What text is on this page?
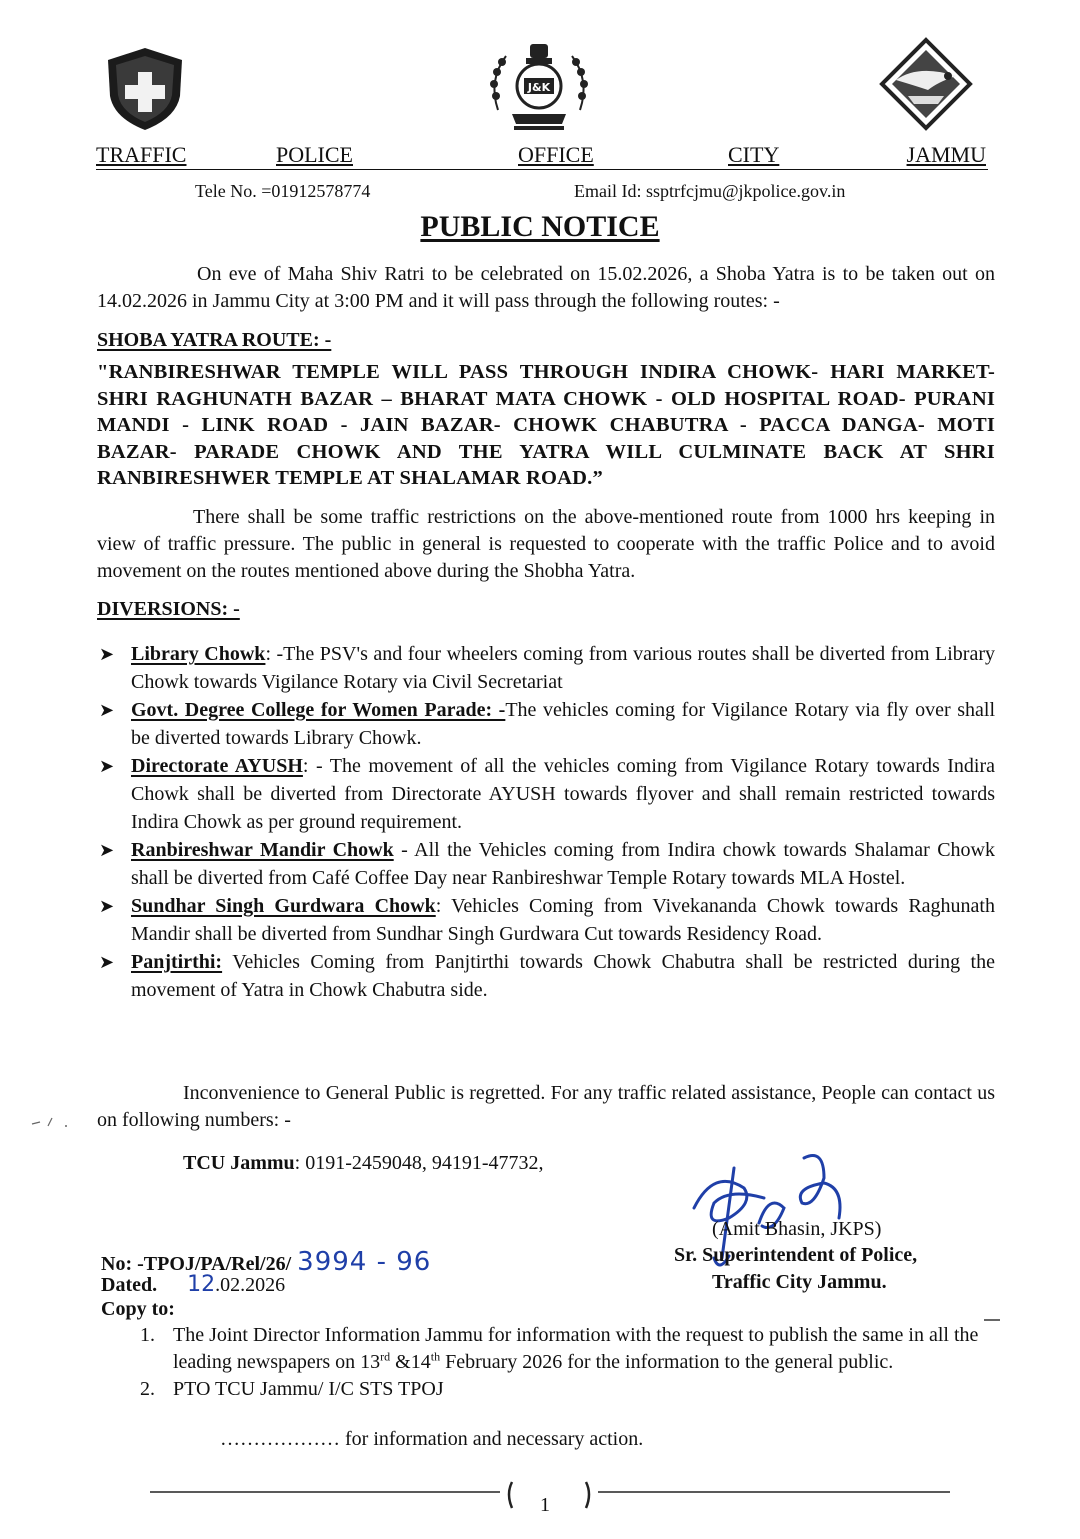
J&K
TRAFFIC	POLICE	OFFICE	CITY	JAMMU
Tele No. =01912578774	Email Id: ssptrfcjmu@jkpolice.gov.in
PUBLIC NOTICE

On eve of Maha Shiv Ratri to be celebrated on 15.02.2026, a Shoba Yatra is to be taken out on 14.02.2026 in Jammu City at 3:00 PM and it will pass through the following routes: -

SHOBA YATRA ROUTE: -

"RANBIRESHWAR TEMPLE WILL PASS THROUGH INDIRA CHOWK- HARI MARKET- SHRI RAGHUNATH BAZAR – BHARAT MATA CHOWK - OLD HOSPITAL ROAD- PURANI MANDI - LINK ROAD - JAIN BAZAR- CHOWK CHABUTRA - PACCA DANGA- MOTI BAZAR- PARADE CHOWK AND THE YATRA WILL CULMINATE BACK AT SHRI RANBIRESHWER TEMPLE AT SHALAMAR ROAD.”

There shall be some traffic restrictions on the above-mentioned route from 1000 hrs keeping in view of traffic pressure. The public in general is requested to cooperate with the traffic Police and to avoid movement on the routes mentioned above during the Shobha Yatra.

DIVERSIONS: -
➤ Library Chowk: -The PSV's and four wheelers coming from various routes shall be diverted from Library Chowk towards Vigilance Rotary via Civil Secretariat
➤ Govt. Degree College for Women Parade: -The vehicles coming for Vigilance Rotary via fly over shall be diverted towards Library Chowk.
➤ Directorate AYUSH: - The movement of all the vehicles coming from Vigilance Rotary towards Indira Chowk shall be diverted from Directorate AYUSH towards flyover and shall remain restricted towards Indira Chowk as per ground requirement.
➤ Ranbireshwar Mandir Chowk - All the Vehicles coming from Indira chowk towards Shalamar Chowk shall be diverted from Café Coffee Day near Ranbireshwar Temple Rotary towards MLA Hostel.
➤ Sundhar Singh Gurdwara Chowk: Vehicles Coming from Vivekananda Chowk towards Raghunath Mandir shall be diverted from Sundhar Singh Gurdwara Cut towards Residency Road.
➤ Panjtirthi: Vehicles Coming from Panjtirthi towards Chowk Chabutra shall be restricted during the movement of Yatra in Chowk Chabutra side.

Inconvenience to General Public is regretted. For any traffic related assistance, People can contact us on following numbers: -

TCU Jammu: 0191-2459048, 94191-47732,
(Amit Bhasin, JKPS)
Sr. Superintendent of Police,
Traffic City Jammu.
No: -TPOJ/PA/Rel/26/ 3994 - 96
Dated. 12.02.2026
Copy to:
1. The Joint Director Information Jammu for information with the request to publish the same in all the leading newspapers on 13rd &14th February 2026 for the information to the general public.
2. PTO TCU Jammu/ I/C STS TPOJ
……………… for information and necessary action.
1
